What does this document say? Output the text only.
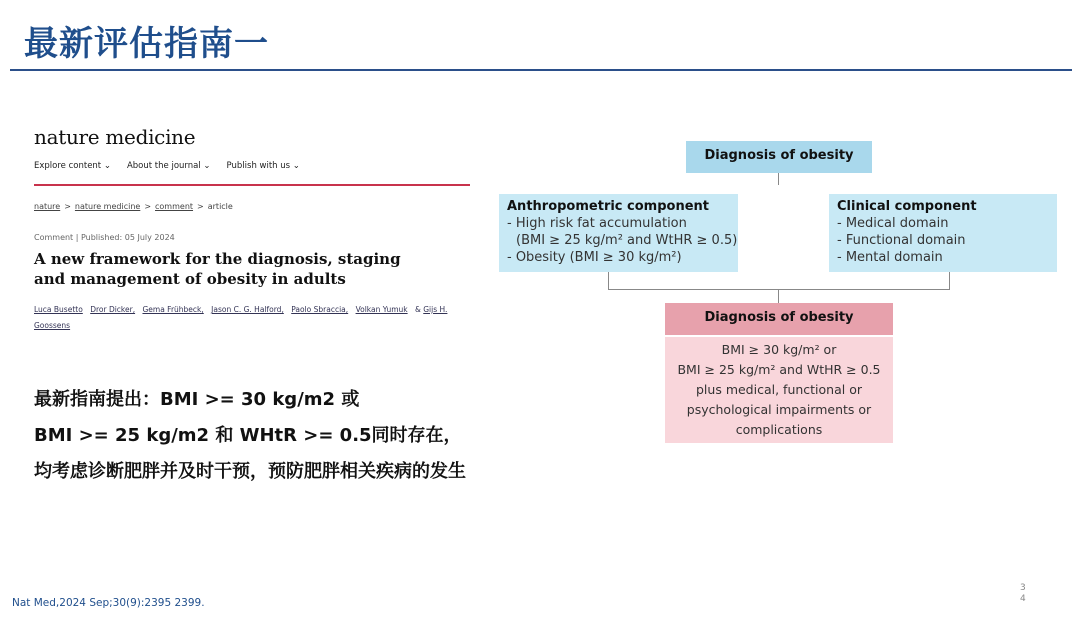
最新评估指南一
nature medicine
Explore content ⌄ About the journal ⌄ Publish with us ⌄
nature > nature medicine > comment > article
Comment | Published: 05 July 2024
A new framework for the diagnosis, staging and management of obesity in adults
Luca Busetto Dror Dicker, Gema Frühbeck, Jason C. G. Halford, Paolo Sbraccia, Volkan Yumuk & Gijs H. Goossens
最新指南提出：BMI >= 30 kg/m2 或
BMI >= 25 kg/m2 和 WHtR >= 0.5同时存在，
均考虑诊断肥胖并及时干预，预防肥胖相关疾病的发生
Diagnosis of obesity
Anthropometric component
- High risk fat accumulation
(BMI ≥ 25 kg/m² and WtHR ≥ 0.5)
- Obesity (BMI ≥ 30 kg/m²)
Clinical component
- Medical domain
- Functional domain
- Mental domain
Diagnosis of obesity
BMI ≥ 30 kg/m² or
BMI ≥ 25 kg/m² and WtHR ≥ 0.5
plus medical, functional or
psychological impairments or
complications
Nat Med,2024 Sep;30(9):2395 2399.
3
4
